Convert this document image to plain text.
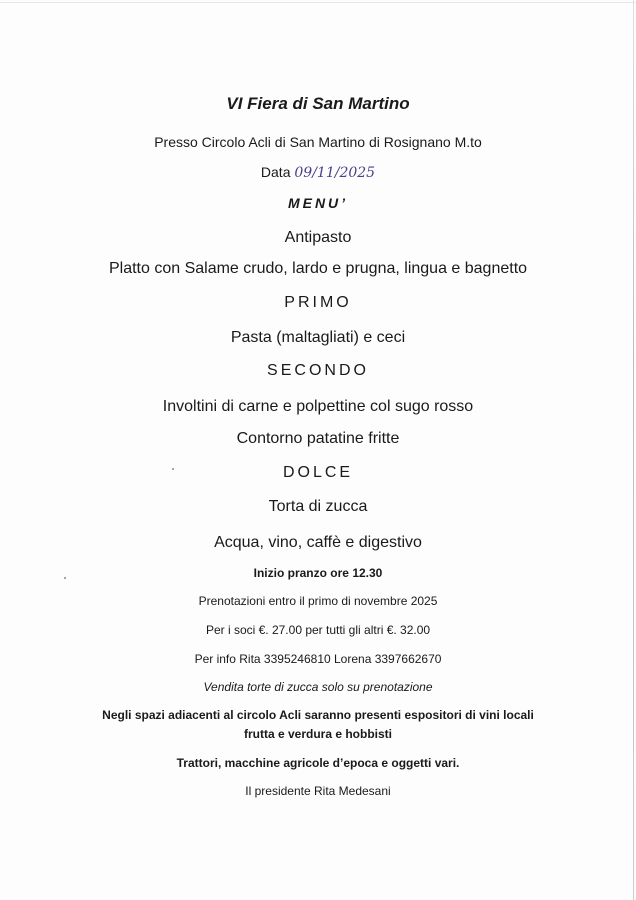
VI Fiera di San Martino
Presso Circolo Acli di San Martino di Rosignano M.to
Data 09/11/2025
MENU’
Antipasto
Platto con Salame crudo, lardo e prugna, lingua e bagnetto
PRIMO
Pasta (maltagliati) e ceci
SECONDO
Involtini di carne e polpettine col sugo rosso
Contorno patatine fritte
DOLCE
Torta di zucca
Acqua, vino, caffè e digestivo
Inizio pranzo ore 12.30
Prenotazioni entro il primo di novembre 2025
Per i soci €. 27.00 per tutti gli altri €. 32.00
Per info Rita 3395246810 Lorena 3397662670
Vendita torte di zucca solo su prenotazione
Negli spazi adiacenti al circolo Acli saranno presenti espositori di vini locali
frutta e verdura e hobbisti
Trattori, macchine agricole d’epoca e oggetti vari.
Il presidente Rita Medesani
